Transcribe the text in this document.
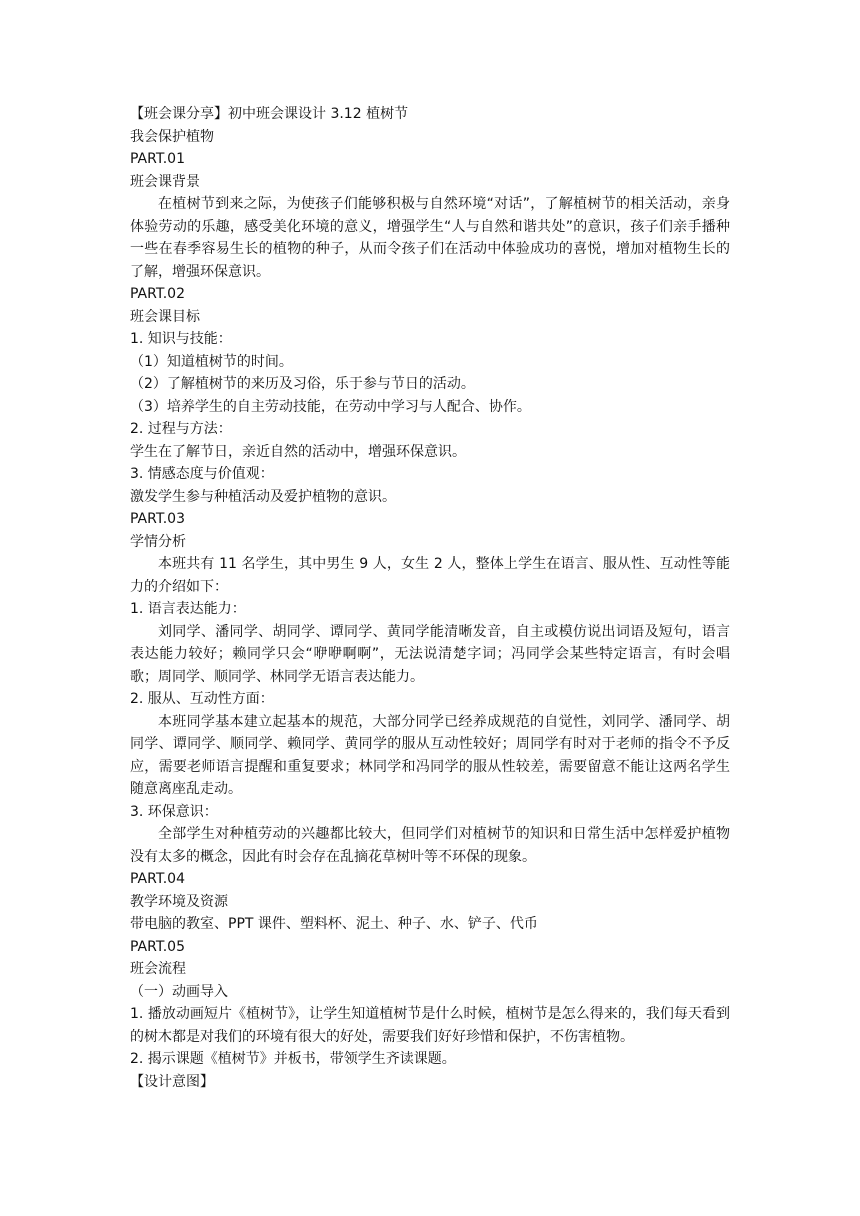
【班会课分享】初中班会课设计 3.12 植树节
我会保护植物
PART.01
班会课背景
在植树节到来之际，为使孩子们能够积极与自然环境“对话”，了解植树节的相关活动，亲身体验劳动的乐趣，感受美化环境的意义，增强学生“人与自然和谐共处”的意识，孩子们亲手播种一些在春季容易生长的植物的种子，从而令孩子们在活动中体验成功的喜悦，增加对植物生长的了解，增强环保意识。
PART.02
班会课目标
1. 知识与技能：
（1）知道植树节的时间。
（2）了解植树节的来历及习俗，乐于参与节日的活动。
（3）培养学生的自主劳动技能，在劳动中学习与人配合、协作。
2. 过程与方法：
学生在了解节日，亲近自然的活动中，增强环保意识。
3. 情感态度与价值观：
激发学生参与种植活动及爱护植物的意识。
PART.03
学情分析
本班共有 11 名学生，其中男生 9 人，女生 2 人，整体上学生在语言、服从性、互动性等能力的介绍如下：
1. 语言表达能力：
刘同学、潘同学、胡同学、谭同学、黄同学能清晰发音，自主或模仿说出词语及短句，语言表达能力较好；赖同学只会“咿咿啊啊”，无法说清楚字词；冯同学会某些特定语言，有时会唱歌；周同学、顺同学、林同学无语言表达能力。
2. 服从、互动性方面：
本班同学基本建立起基本的规范，大部分同学已经养成规范的自觉性，刘同学、潘同学、胡同学、谭同学、顺同学、赖同学、黄同学的服从互动性较好；周同学有时对于老师的指令不予反应，需要老师语言提醒和重复要求；林同学和冯同学的服从性较差，需要留意不能让这两名学生随意离座乱走动。
3. 环保意识：
全部学生对种植劳动的兴趣都比较大，但同学们对植树节的知识和日常生活中怎样爱护植物没有太多的概念，因此有时会存在乱摘花草树叶等不环保的现象。
PART.04
教学环境及资源
带电脑的教室、PPT 课件、塑料杯、泥土、种子、水、铲子、代币
PART.05
班会流程
（一）动画导入
1. 播放动画短片《植树节》，让学生知道植树节是什么时候，植树节是怎么得来的，我们每天看到的树木都是对我们的环境有很大的好处，需要我们好好珍惜和保护，不伤害植物。
2. 揭示课题《植树节》并板书，带领学生齐读课题。
【设计意图】
